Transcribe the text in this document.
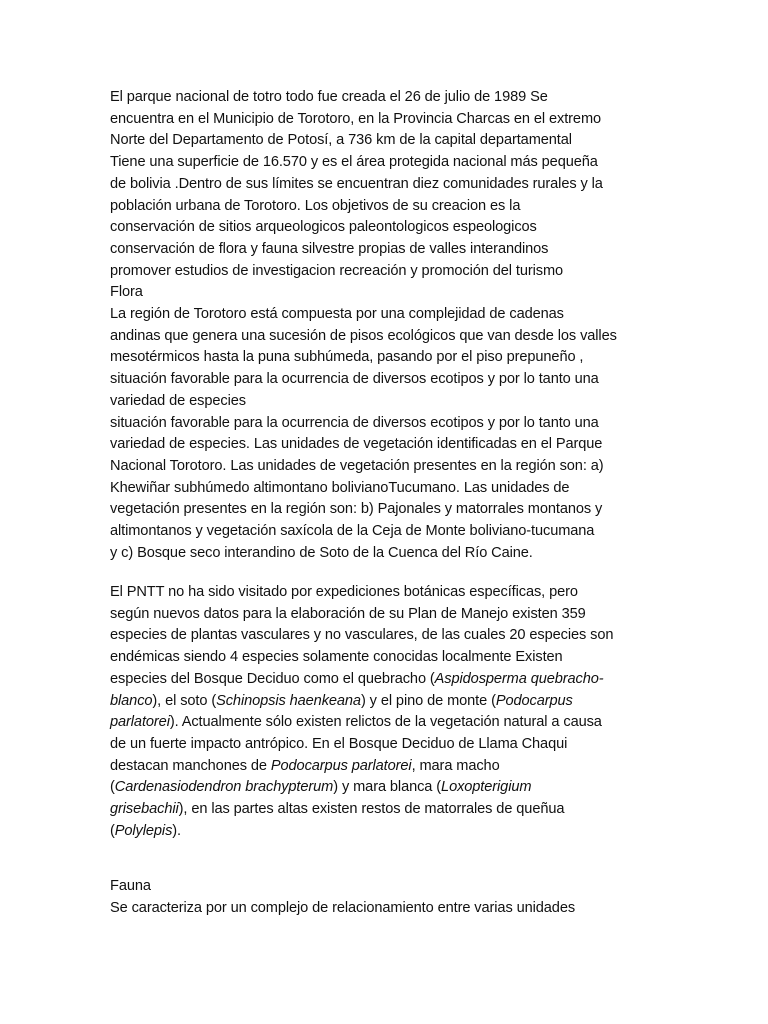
El parque nacional de totro todo fue creada el 26 de julio de 1989 Se
encuentra en el Municipio de Torotoro, en la Provincia Charcas en el extremo
Norte del Departamento de Potosí, a 736 km de la capital departamental
Tiene una superficie de 16.570 y es el área protegida nacional más pequeña
de bolivia .Dentro de sus límites se encuentran diez comunidades rurales y la
población urbana de Torotoro. Los objetivos de su creacion es la
conservación de sitios arqueologicos paleontologicos espeologicos
conservación de flora y fauna silvestre propias de valles interandinos
promover estudios de investigacion recreación y promoción del turismo
Flora
La región de Torotoro está compuesta por una complejidad de cadenas
andinas que genera una sucesión de pisos ecológicos que van desde los valles
mesotérmicos hasta la puna subhúmeda, pasando por el piso prepuneño ,
situación favorable para la ocurrencia de diversos ecotipos y por lo tanto una
variedad de especies
situación favorable para la ocurrencia de diversos ecotipos y por lo tanto una
variedad de especies. Las unidades de vegetación identificadas en el Parque
Nacional Torotoro. Las unidades de vegetación presentes en la región son: a)
Khewiñar subhúmedo altimontano bolivianoTucumano. Las unidades de
vegetación presentes en la región son: b) Pajonales y matorrales montanos y
altimontanos y vegetación saxícola de la Ceja de Monte boliviano-tucumana
y c) Bosque seco interandino de Soto de la Cuenca del Río Caine.
El PNTT no ha sido visitado por expediciones botánicas específicas, pero
según nuevos datos para la elaboración de su Plan de Manejo existen 359
especies de plantas vasculares y no vasculares, de las cuales 20 especies son
endémicas siendo 4 especies solamente conocidas localmente Existen
especies del Bosque Deciduo como el quebracho (Aspidosperma quebracho-
blanco), el soto (Schinopsis haenkeana) y el pino de monte (Podocarpus
parlatorei). Actualmente sólo existen relictos de la vegetación natural a causa
de un fuerte impacto antrópico. En el Bosque Deciduo de Llama Chaqui
destacan manchones de Podocarpus parlatorei, mara macho
(Cardenasiodendron brachypterum) y mara blanca (Loxopterigium
grisebachii), en las partes altas existen restos de matorrales de queñua
(Polylepis).
Fauna
Se caracteriza por un complejo de relacionamiento entre varias unidades
